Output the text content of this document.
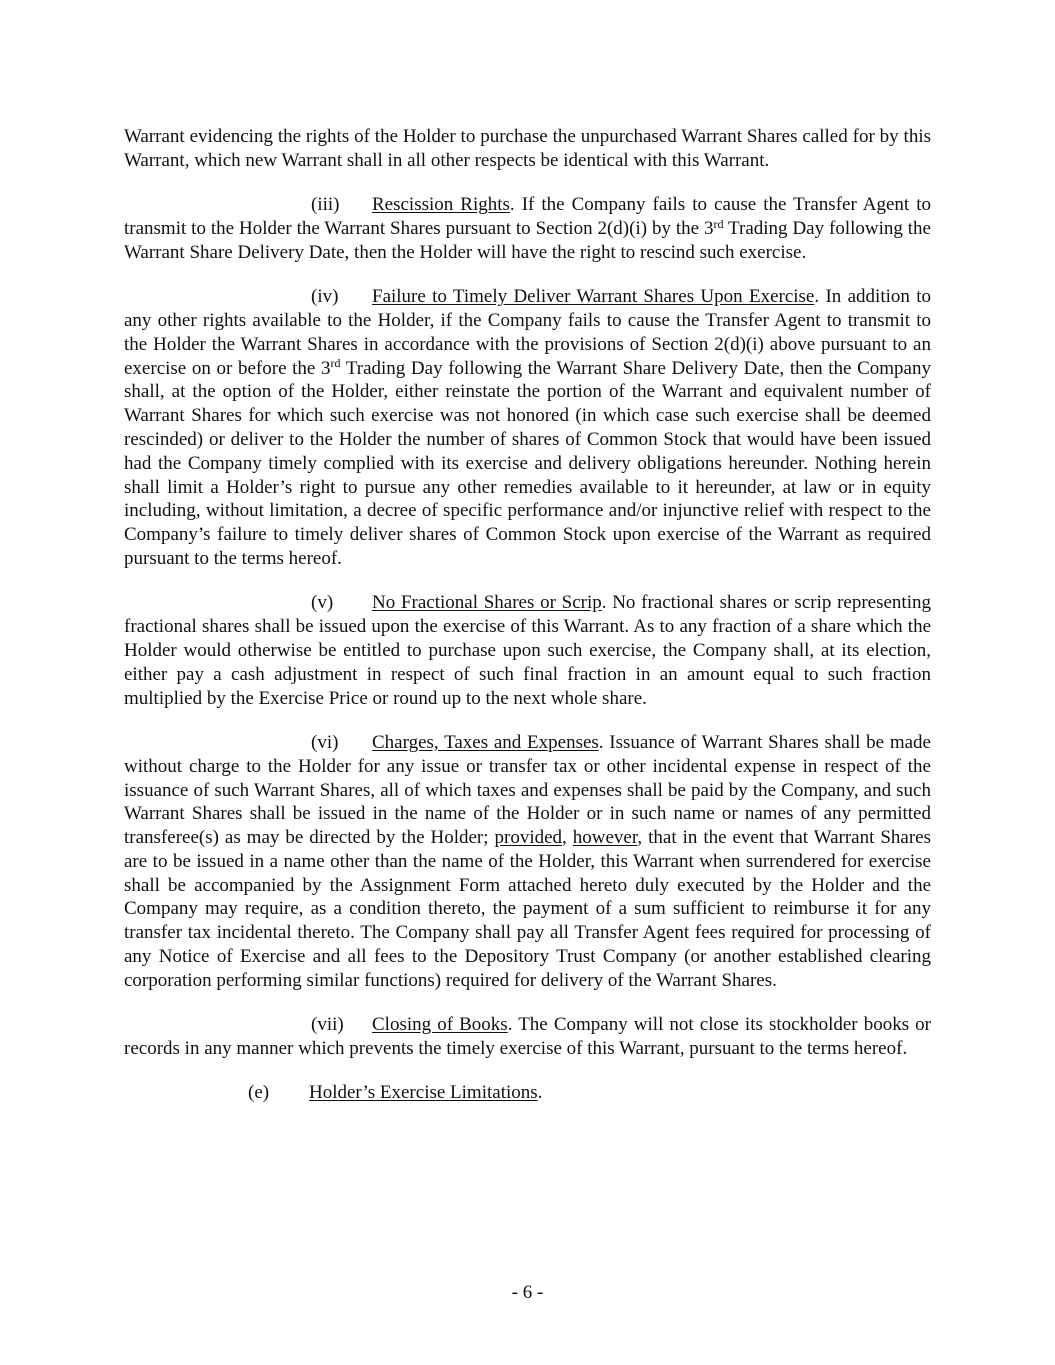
Warrant evidencing the rights of the Holder to purchase the unpurchased Warrant Shares called for by this Warrant, which new Warrant shall in all other respects be identical with this Warrant.

(iii) Rescission Rights. If the Company fails to cause the Transfer Agent to transmit to the Holder the Warrant Shares pursuant to Section 2(d)(i) by the 3rd Trading Day following the Warrant Share Delivery Date, then the Holder will have the right to rescind such exercise.

(iv) Failure to Timely Deliver Warrant Shares Upon Exercise. In addition to any other rights available to the Holder, if the Company fails to cause the Transfer Agent to transmit to the Holder the Warrant Shares in accordance with the provisions of Section 2(d)(i) above pursuant to an exercise on or before the 3rd Trading Day following the Warrant Share Delivery Date, then the Company shall, at the option of the Holder, either reinstate the portion of the Warrant and equivalent number of Warrant Shares for which such exercise was not honored (in which case such exercise shall be deemed rescinded) or deliver to the Holder the number of shares of Common Stock that would have been issued had the Company timely complied with its exercise and delivery obligations hereunder. Nothing herein shall limit a Holder’s right to pursue any other remedies available to it hereunder, at law or in equity including, without limitation, a decree of specific performance and/or injunctive relief with respect to the Company’s failure to timely deliver shares of Common Stock upon exercise of the Warrant as required pursuant to the terms hereof.

(v) No Fractional Shares or Scrip. No fractional shares or scrip representing fractional shares shall be issued upon the exercise of this Warrant. As to any fraction of a share which the Holder would otherwise be entitled to purchase upon such exercise, the Company shall, at its election, either pay a cash adjustment in respect of such final fraction in an amount equal to such fraction multiplied by the Exercise Price or round up to the next whole share.

(vi) Charges, Taxes and Expenses. Issuance of Warrant Shares shall be made without charge to the Holder for any issue or transfer tax or other incidental expense in respect of the issuance of such Warrant Shares, all of which taxes and expenses shall be paid by the Company, and such Warrant Shares shall be issued in the name of the Holder or in such name or names of any permitted transferee(s) as may be directed by the Holder; provided, however, that in the event that Warrant Shares are to be issued in a name other than the name of the Holder, this Warrant when surrendered for exercise shall be accompanied by the Assignment Form attached hereto duly executed by the Holder and the Company may require, as a condition thereto, the payment of a sum sufficient to reimburse it for any transfer tax incidental thereto. The Company shall pay all Transfer Agent fees required for processing of any Notice of Exercise and all fees to the Depository Trust Company (or another established clearing corporation performing similar functions) required for delivery of the Warrant Shares.

(vii) Closing of Books. The Company will not close its stockholder books or records in any manner which prevents the timely exercise of this Warrant, pursuant to the terms hereof.

(e) Holder’s Exercise Limitations.

- 6 -
